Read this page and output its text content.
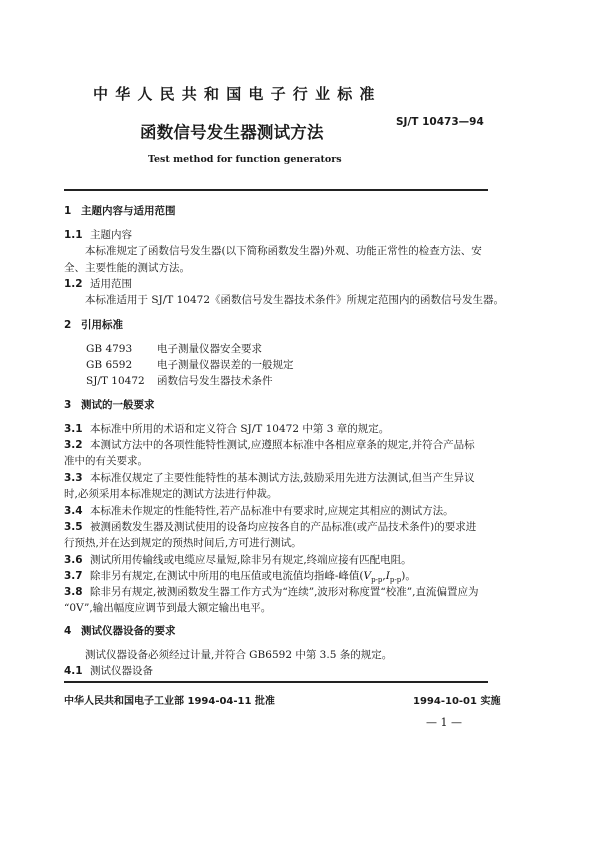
中华人民共和国电子行业标准
函数信号发生器测试方法
SJ/T 10473—94
Test method for function generators
1 主题内容与适用范围
1.1 主题内容
本标准规定了函数信号发生器(以下简称函数发生器)外观、功能正常性的检查方法、安
全、主要性能的测试方法。
1.2 适用范围
本标准适用于 SJ/T 10472《函数信号发生器技术条件》所规定范围内的函数信号发生器。
2 引用标准
GB 4793 电子测量仪器安全要求
GB 6592 电子测量仪器误差的一般规定
SJ/T 10472 函数信号发生器技术条件
3 测试的一般要求
3.1 本标准中所用的术语和定义符合 SJ/T 10472 中第 3 章的规定。
3.2 本测试方法中的各项性能特性测试,应遵照本标准中各相应章条的规定,并符合产品标
准中的有关要求。
3.3 本标准仅规定了主要性能特性的基本测试方法,鼓励采用先进方法测试,但当产生异议
时,必须采用本标准规定的测试方法进行仲裁。
3.4 本标准未作规定的性能特性,若产品标准中有要求时,应规定其相应的测试方法。
3.5 被测函数发生器及测试使用的设备均应按各自的产品标准(或产品技术条件)的要求进
行预热,并在达到规定的预热时间后,方可进行测试。
3.6 测试所用传输线或电缆应尽量短,除非另有规定,终端应接有匹配电阻。
3.7 除非另有规定,在测试中所用的电压值或电流值均指峰-峰值$(V_{p-p},I_{p-p})$。
3.8 除非另有规定,被测函数发生器工作方式为“连续”,波形对称度置“校准”,直流偏置应为
“0V”,输出幅度应调节到最大额定输出电平。
4 测试仪器设备的要求
测试仪器设备必须经过计量,并符合 GB6592 中第 3.5 条的规定。
4.1 测试仪器设备
中华人民共和国电子工业部 1994-04-11 批准	1994-10-01 实施
— 1 —
